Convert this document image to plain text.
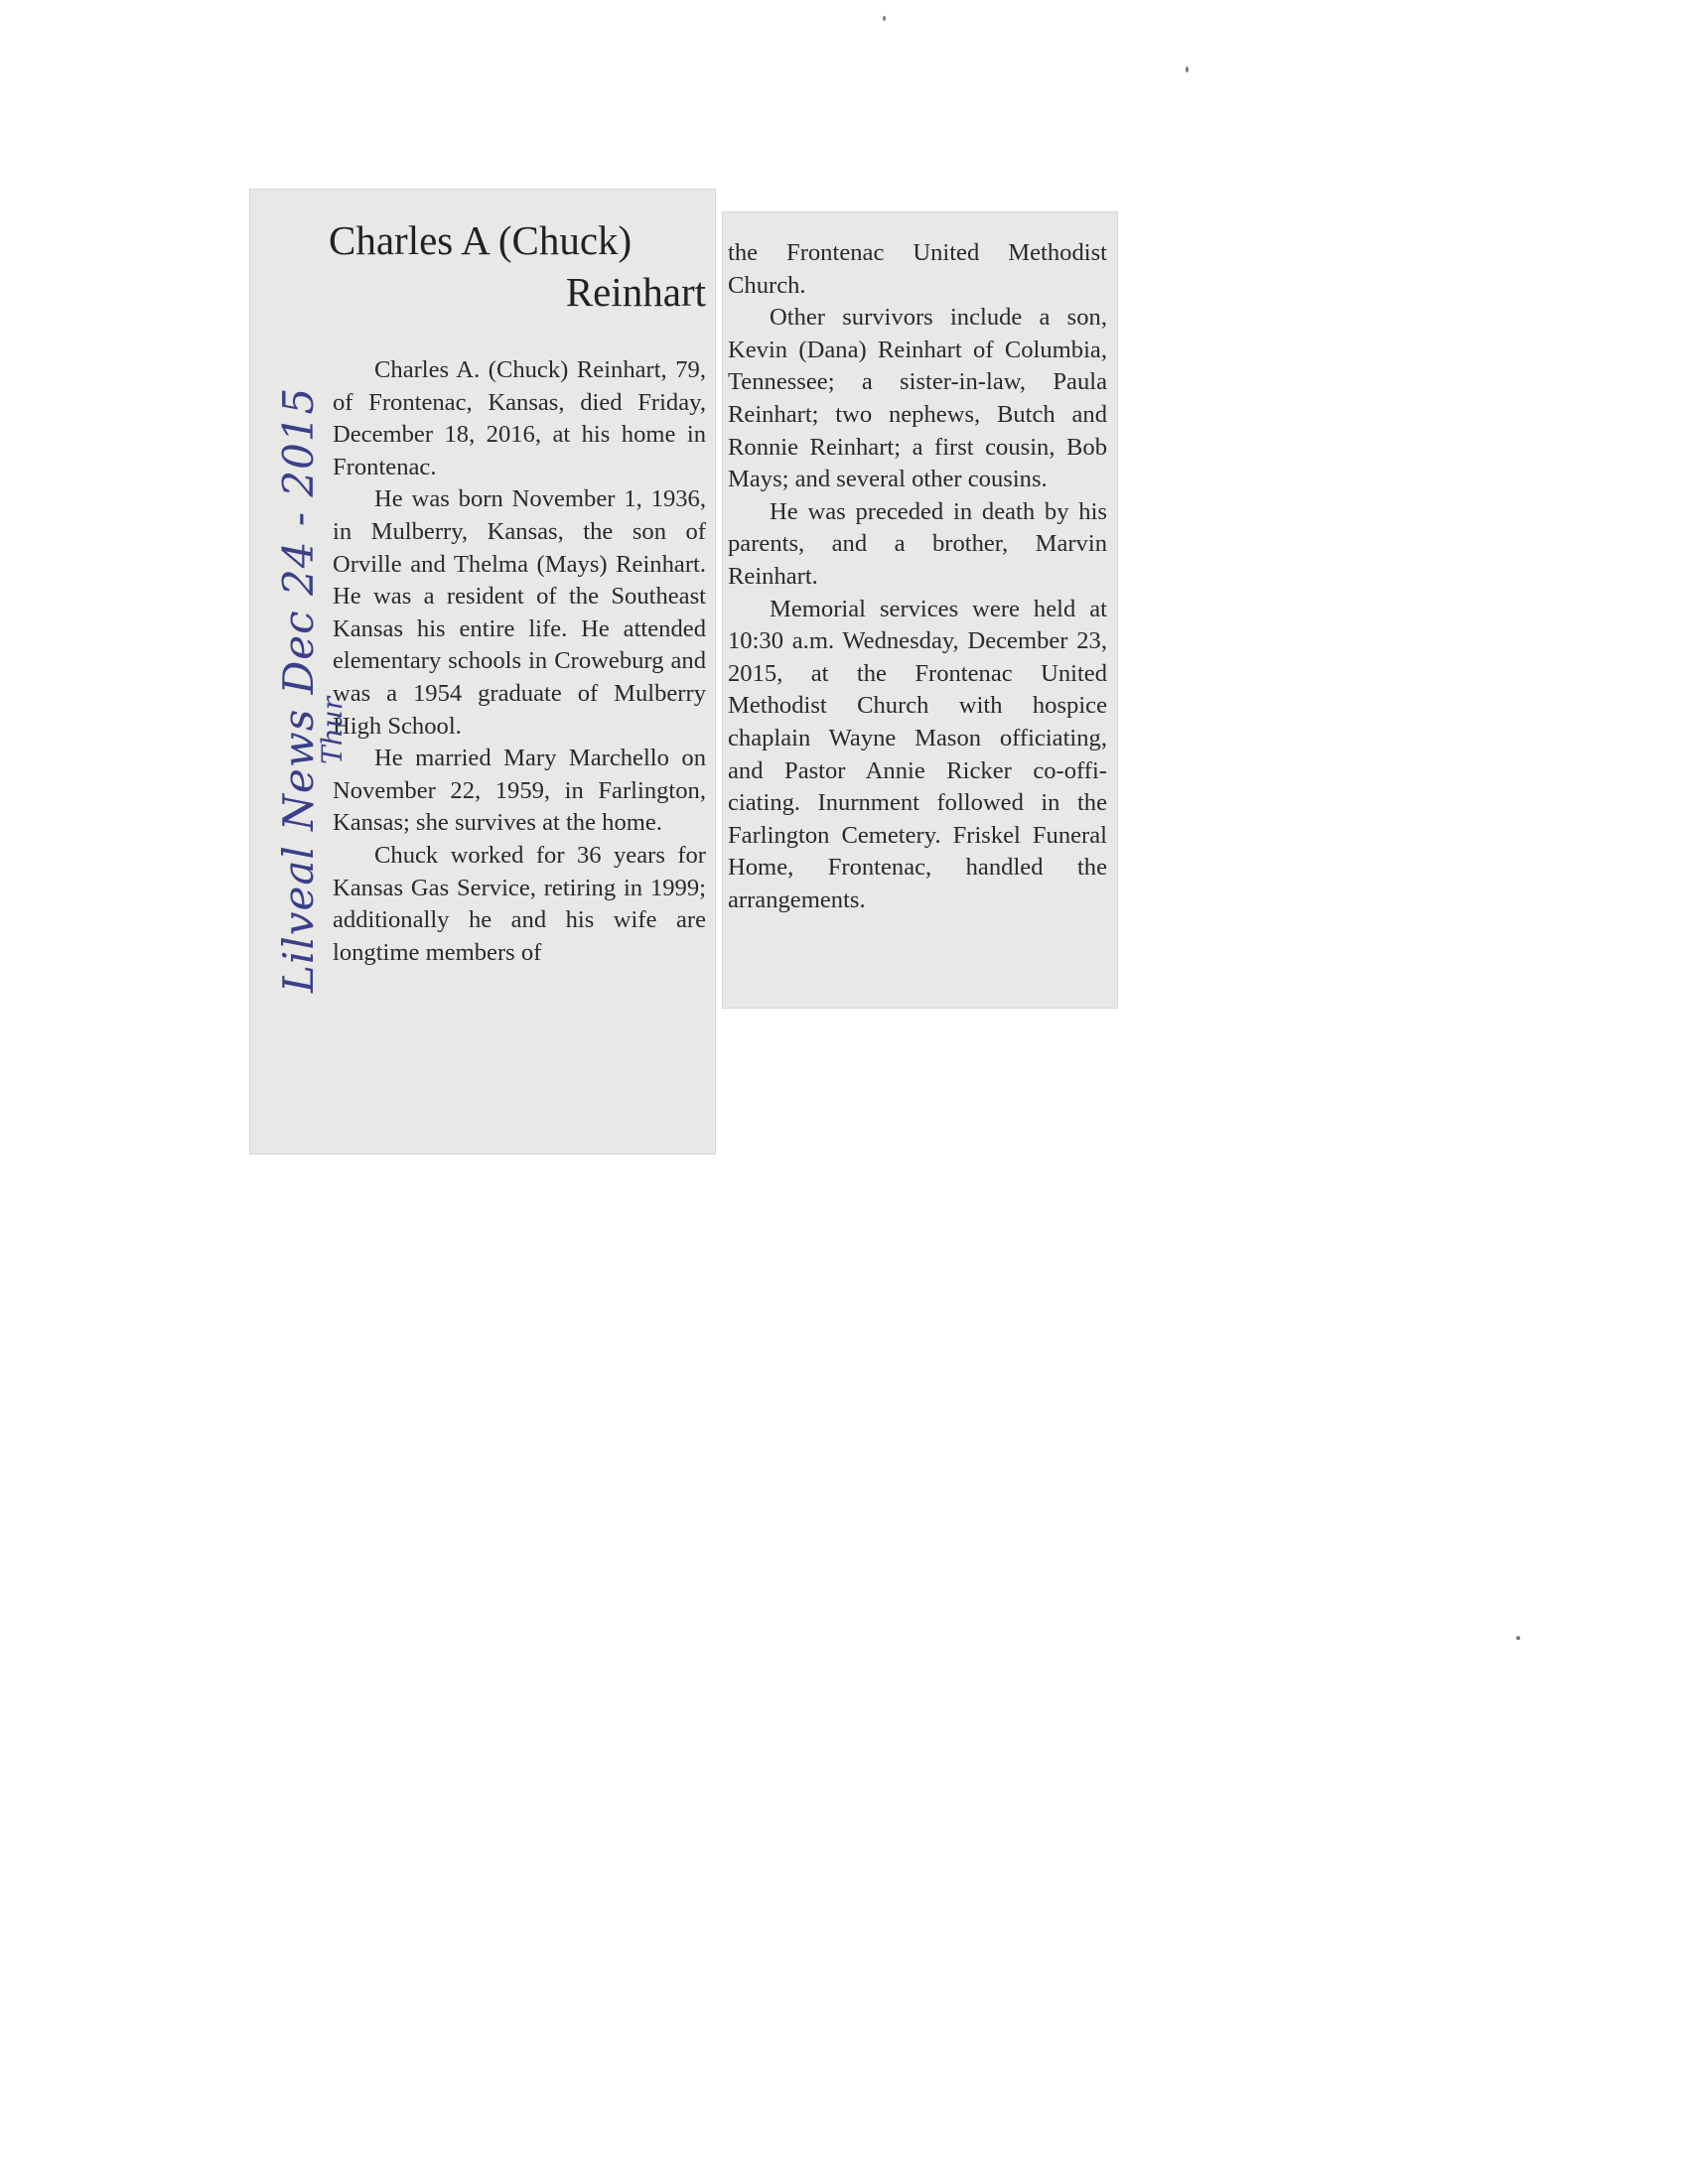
Charles A (Chuck)
Reinhart

Charles A. (Chuck) Reinhart, 79, of Frontenac, Kansas, died Friday, December 18, 2016, at his home in Frontenac.

He was born November 1, 1936, in Mulberry, Kansas, the son of Orville and Thelma (Mays) Reinhart. He was a resident of the Southeast Kansas his entire life. He attended elementary schools in Croweburg and was a 1954 graduate of Mulberry High School.

He married Mary Marchello on November 22, 1959, in Farlington, Kansas; she survives at the home.

Chuck worked for 36 years for Kansas Gas Service, retiring in 1999; additionally he and his wife are longtime members of

the Frontenac United Methodist Church.

Other survivors include a son, Kevin (Dana) Reinhart of Columbia, Tennessee; a sister-in-law, Paula Reinhart; two nephews, Butch and Ronnie Reinhart; a first cousin, Bob Mays; and several other cousins.

He was preceded in death by his parents, and a brother, Marvin Reinhart.

Memorial services were held at 10:30 a.m. Wednesday, December 23, 2015, at the Frontenac United Methodist Church with hospice chaplain Wayne Mason officiating, and Pastor Annie Ricker co-officiating. Inurnment followed in the Farlington Cemetery. Friskel Funeral Home, Frontenac, handled the arrangements.

Lilveal News Dec 24 - 2015
Thur
